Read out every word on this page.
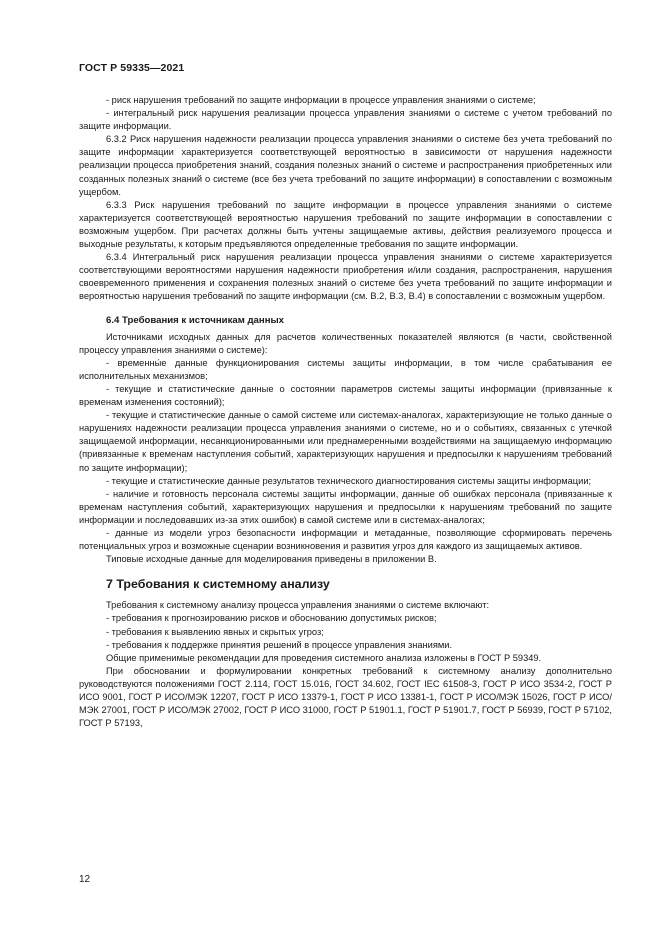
ГОСТ Р 59335—2021

- риск нарушения требований по защите информации в процессе управления знаниями о системе;

- интегральный риск нарушения реализации процесса управления знаниями о системе с учетом требований по защите информации.

6.3.2 Риск нарушения надежности реализации процесса управления знаниями о системе без учета требований по защите информации характеризуется соответствующей вероятностью в зависимости от нарушения надежности реализации процесса приобретения знаний, создания полезных знаний о системе и распространения приобретенных или созданных полезных знаний о системе (все без учета требований по защите информации) в сопоставлении с возможным ущербом.

6.3.3 Риск нарушения требований по защите информации в процессе управления знаниями о системе характеризуется соответствующей вероятностью нарушения требований по защите информации в сопоставлении с возможным ущербом. При расчетах должны быть учтены защищаемые активы, действия реализуемого процесса и выходные результаты, к которым предъявляются определенные требования по защите информации.

6.3.4 Интегральный риск нарушения реализации процесса управления знаниями о системе характеризуется соответствующими вероятностями нарушения надежности приобретения и/или создания, распространения, нарушения своевременного применения и сохранения полезных знаний о системе без учета требований по защите информации и вероятностью нарушения требований по защите информации (см. В.2, В.3, В.4) в сопоставлении с возможным ущербом.

6.4 Требования к источникам данных

Источниками исходных данных для расчетов количественных показателей являются (в части, свойственной процессу управления знаниями о системе):

- временны́е данные функционирования системы защиты информации, в том числе срабатывания ее исполнительных механизмов;

- текущие и статистические данные о состоянии параметров системы защиты информации (привязанные к временам изменения состояний);

- текущие и статистические данные о самой системе или системах-аналогах, характеризующие не только данные о нарушениях надежности реализации процесса управления знаниями о системе, но и о событиях, связанных с утечкой защищаемой информации, несанкционированными или преднамеренными воздействиями на защищаемую информацию (привязанные к временам наступления событий, характеризующих нарушения и предпосылки к нарушениям требований по защите информации);

- текущие и статистические данные результатов технического диагностирования системы защиты информации;

- наличие и готовность персонала системы защиты информации, данные об ошибках персонала (привязанные к временам наступления событий, характеризующих нарушения и предпосылки к нарушениям требований по защите информации и последовавших из-за этих ошибок) в самой системе или в системах-аналогах;

- данные из модели угроз безопасности информации и метаданные, позволяющие сформировать перечень потенциальных угроз и возможные сценарии возникновения и развития угроз для каждого из защищаемых активов.

Типовые исходные данные для моделирования приведены в приложении В.

7 Требования к системному анализу

Требования к системному анализу процесса управления знаниями о системе включают:

- требования к прогнозированию рисков и обоснованию допустимых рисков;

- требования к выявлению явных и скрытых угроз;

- требования к поддержке принятия решений в процессе управления знаниями.

Общие применимые рекомендации для проведения системного анализа изложены в ГОСТ Р 59349.

При обосновании и формулировании конкретных требований к системному анализу дополнительно руководствуются положениями ГОСТ 2.114, ГОСТ 15.016, ГОСТ 34.602, ГОСТ IEC 61508-3, ГОСТ Р ИСО 3534-2, ГОСТ Р ИСО 9001, ГОСТ Р ИСО/МЭК 12207, ГОСТ Р ИСО 13379-1, ГОСТ Р ИСО 13381-1, ГОСТ Р ИСО/МЭК 15026, ГОСТ Р ИСО/МЭК 27001, ГОСТ Р ИСО/МЭК 27002, ГОСТ Р ИСО 31000, ГОСТ Р 51901.1, ГОСТ Р 51901.7, ГОСТ Р 56939, ГОСТ Р 57102, ГОСТ Р 57193,

12
